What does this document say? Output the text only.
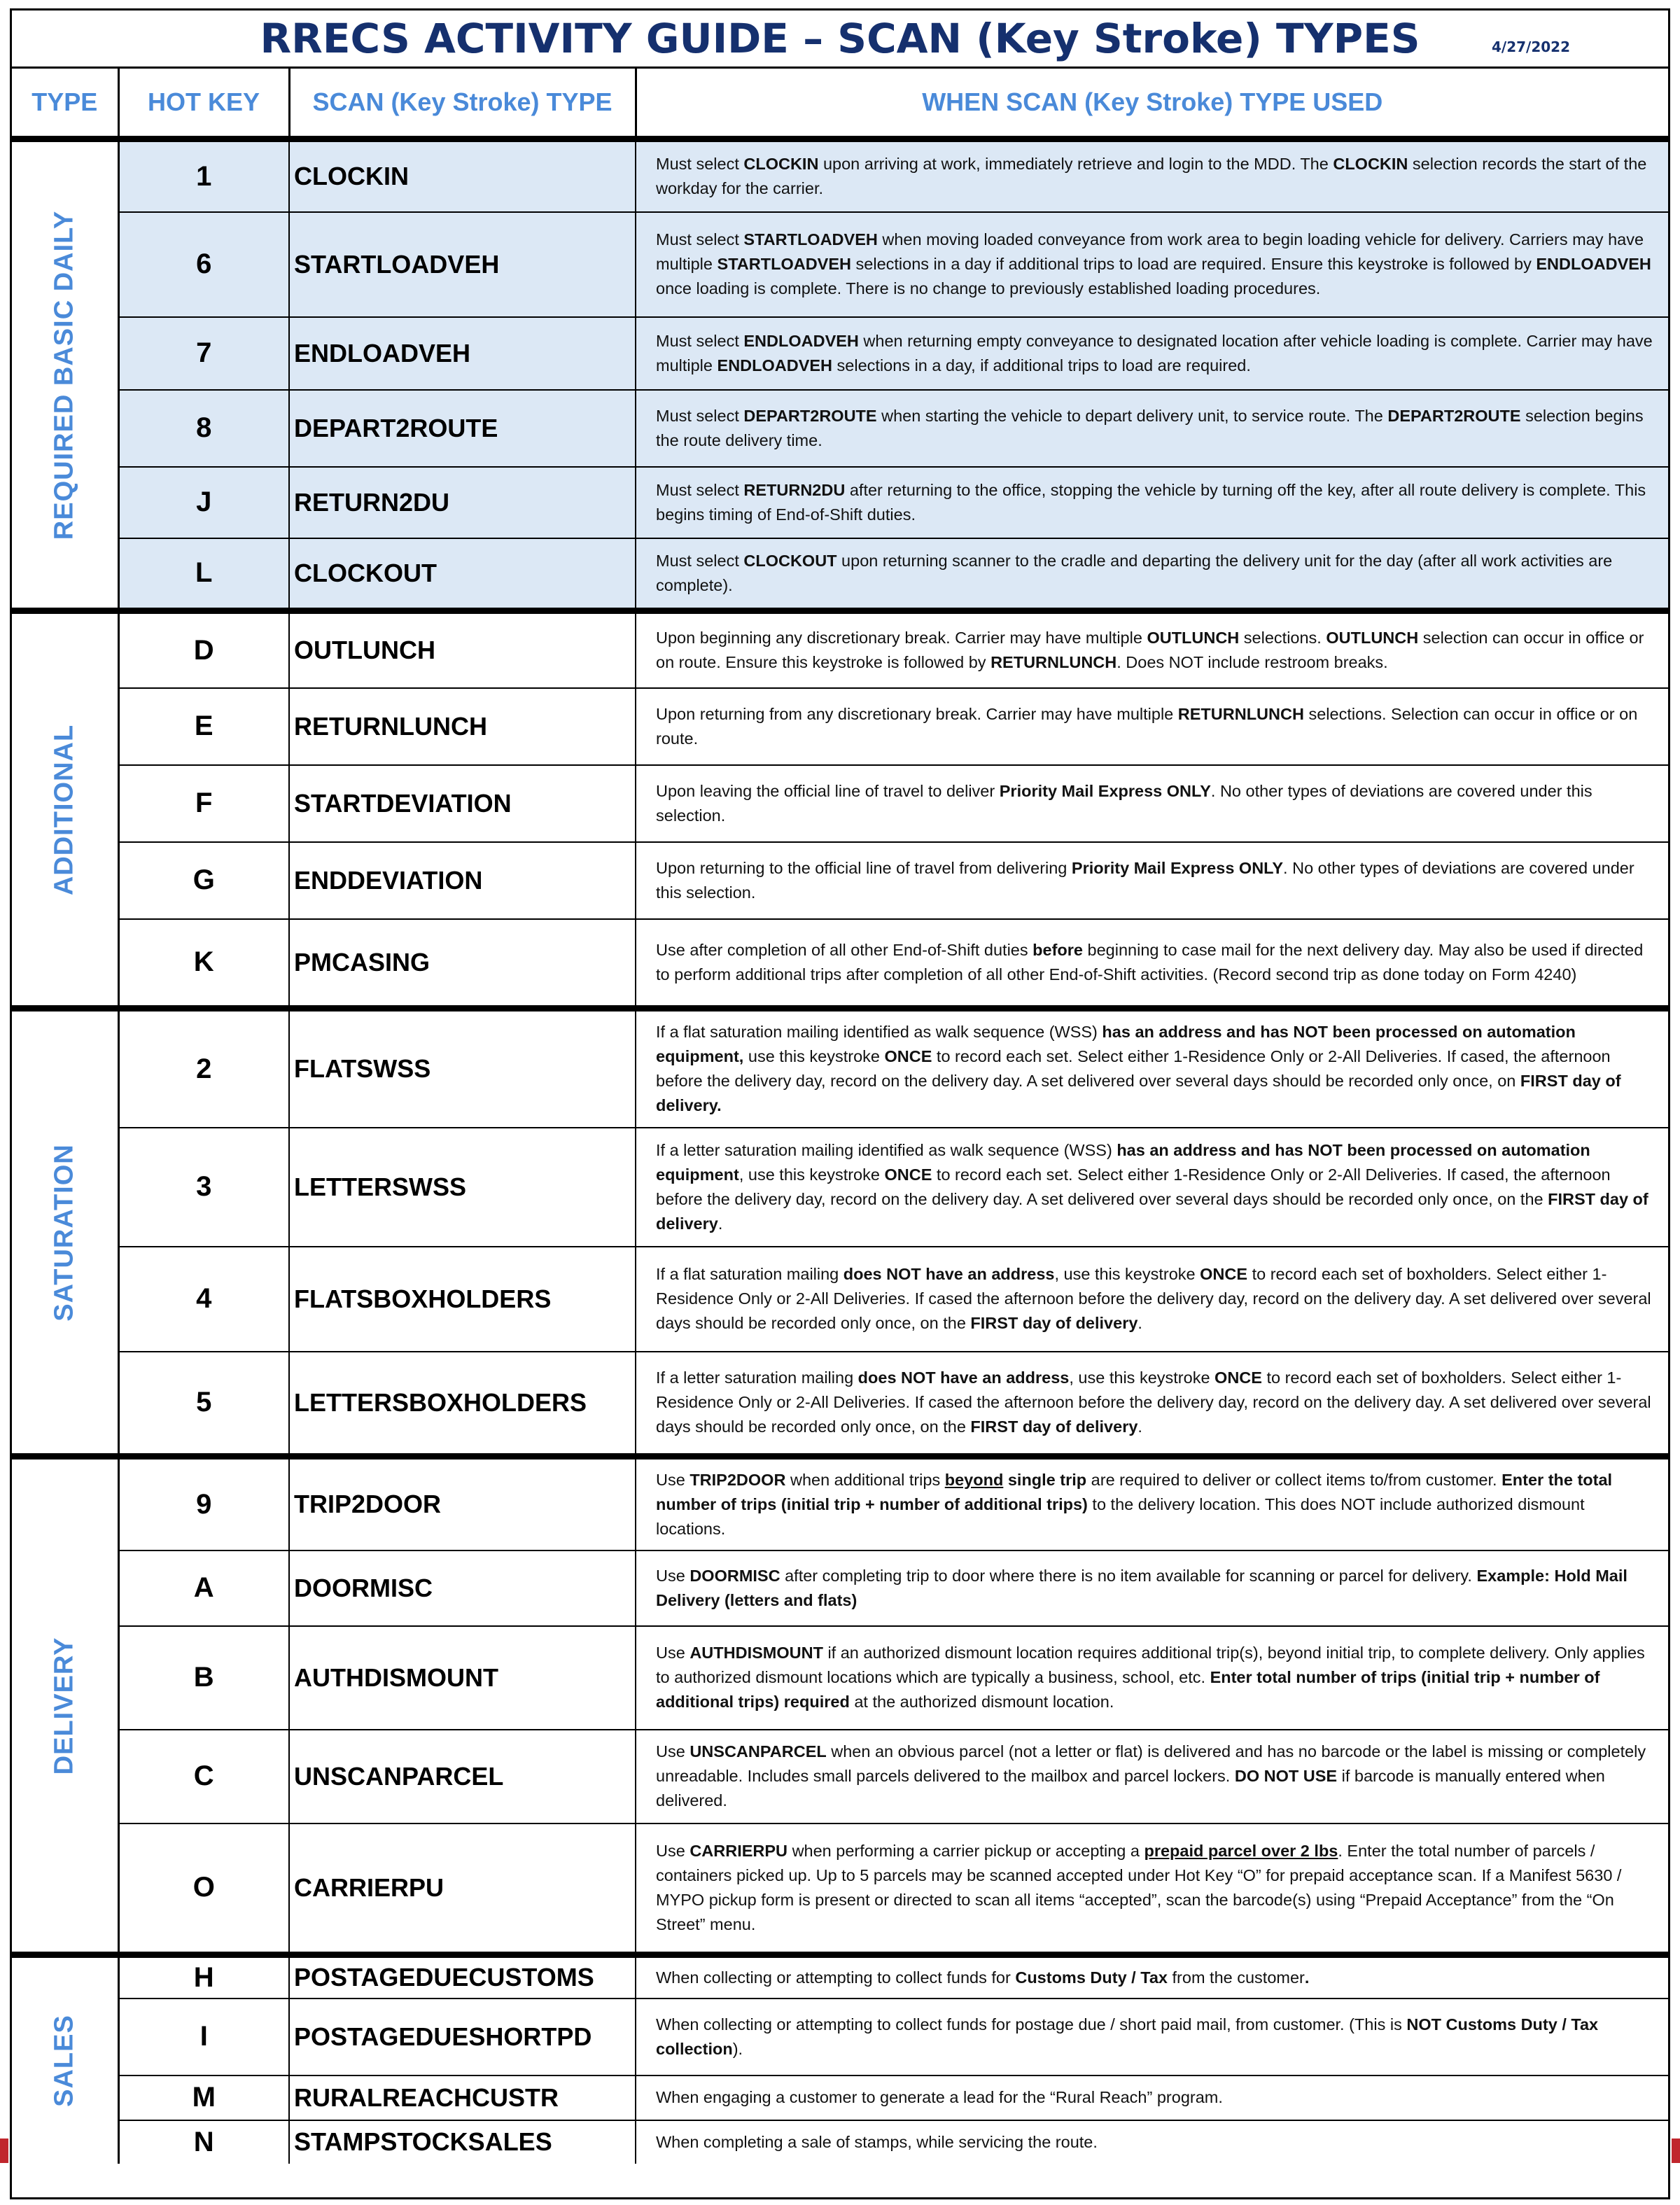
RRECS ACTIVITY GUIDE – SCAN (Key Stroke) TYPES	4/27/2022
TYPE	HOT KEY	SCAN (Key Stroke) TYPE	WHEN SCAN (Key Stroke) TYPE USED

REQUIRED BASIC DAILY	1	CLOCKIN	Must select CLOCKIN upon arriving at work, immediately retrieve and login to the MDD. The CLOCKIN selection records the start of the workday for the carrier.
	6	STARTLOADVEH	Must select STARTLOADVEH when moving loaded conveyance from work area to begin loading vehicle for delivery. Carriers may have multiple STARTLOADVEH selections in a day if additional trips to load are required. Ensure this keystroke is followed by ENDLOADVEH once loading is complete. There is no change to previously established loading procedures.
	7	ENDLOADVEH	Must select ENDLOADVEH when returning empty conveyance to designated location after vehicle loading is complete. Carrier may have multiple ENDLOADVEH selections in a day, if additional trips to load are required.
	8	DEPART2ROUTE	Must select DEPART2ROUTE when starting the vehicle to depart delivery unit, to service route. The DEPART2ROUTE selection begins the route delivery time.
	J	RETURN2DU	Must select RETURN2DU after returning to the office, stopping the vehicle by turning off the key, after all route delivery is complete. This begins timing of End-of-Shift duties.
	L	CLOCKOUT	Must select CLOCKOUT upon returning scanner to the cradle and departing the delivery unit for the day (after all work activities are complete).

ADDITIONAL	D	OUTLUNCH	Upon beginning any discretionary break. Carrier may have multiple OUTLUNCH selections. OUTLUNCH selection can occur in office or on route. Ensure this keystroke is followed by RETURNLUNCH. Does NOT include restroom breaks.
	E	RETURNLUNCH	Upon returning from any discretionary break. Carrier may have multiple RETURNLUNCH selections. Selection can occur in office or on route.
	F	STARTDEVIATION	Upon leaving the official line of travel to deliver Priority Mail Express ONLY. No other types of deviations are covered under this selection.
	G	ENDDEVIATION	Upon returning to the official line of travel from delivering Priority Mail Express ONLY. No other types of deviations are covered under this selection.
	K	PMCASING	Use after completion of all other End-of-Shift duties before beginning to case mail for the next delivery day. May also be used if directed to perform additional trips after completion of all other End-of-Shift activities. (Record second trip as done today on Form 4240)

SATURATION	2	FLATSWSS	If a flat saturation mailing identified as walk sequence (WSS) has an address and has NOT been processed on automation equipment, use this keystroke ONCE to record each set. Select either 1-Residence Only or 2-All Deliveries. If cased, the afternoon before the delivery day, record on the delivery day. A set delivered over several days should be recorded only once, on FIRST day of delivery.
	3	LETTERSWSS	If a letter saturation mailing identified as walk sequence (WSS) has an address and has NOT been processed on automation equipment, use this keystroke ONCE to record each set. Select either 1-Residence Only or 2-All Deliveries. If cased, the afternoon before the delivery day, record on the delivery day. A set delivered over several days should be recorded only once, on the FIRST day of delivery.
	4	FLATSBOXHOLDERS	If a flat saturation mailing does NOT have an address, use this keystroke ONCE to record each set of boxholders. Select either 1-Residence Only or 2-All Deliveries. If cased the afternoon before the delivery day, record on the delivery day. A set delivered over several days should be recorded only once, on the FIRST day of delivery.
	5	LETTERSBOXHOLDERS	If a letter saturation mailing does NOT have an address, use this keystroke ONCE to record each set of boxholders. Select either 1-Residence Only or 2-All Deliveries. If cased the afternoon before the delivery day, record on the delivery day. A set delivered over several days should be recorded only once, on the FIRST day of delivery.

DELIVERY	9	TRIP2DOOR	Use TRIP2DOOR when additional trips beyond single trip are required to deliver or collect items to/from customer. Enter the total number of trips (initial trip + number of additional trips) to the delivery location. This does NOT include authorized dismount locations.
	A	DOORMISC	Use DOORMISC after completing trip to door where there is no item available for scanning or parcel for delivery. Example: Hold Mail Delivery (letters and flats)
	B	AUTHDISMOUNT	Use AUTHDISMOUNT if an authorized dismount location requires additional trip(s), beyond initial trip, to complete delivery. Only applies to authorized dismount locations which are typically a business, school, etc. Enter total number of trips (initial trip + number of additional trips) required at the authorized dismount location.
	C	UNSCANPARCEL	Use UNSCANPARCEL when an obvious parcel (not a letter or flat) is delivered and has no barcode or the label is missing or completely unreadable. Includes small parcels delivered to the mailbox and parcel lockers. DO NOT USE if barcode is manually entered when delivered.
	O	CARRIERPU	Use CARRIERPU when performing a carrier pickup or accepting a prepaid parcel over 2 lbs. Enter the total number of parcels / containers picked up. Up to 5 parcels may be scanned accepted under Hot Key “O” for prepaid acceptance scan. If a Manifest 5630 / MYPO pickup form is present or directed to scan all items “accepted”, scan the barcode(s) using “Prepaid Acceptance” from the “On Street” menu.

SALES	H	POSTAGEDUECUSTOMS	When collecting or attempting to collect funds for Customs Duty / Tax from the customer.
	I	POSTAGEDUESHORTPD	When collecting or attempting to collect funds for postage due / short paid mail, from customer. (This is NOT Customs Duty / Tax collection).
	M	RURALREACHCUSTR	When engaging a customer to generate a lead for the “Rural Reach” program.
	N	STAMPSTOCKSALES	When completing a sale of stamps, while servicing the route.
